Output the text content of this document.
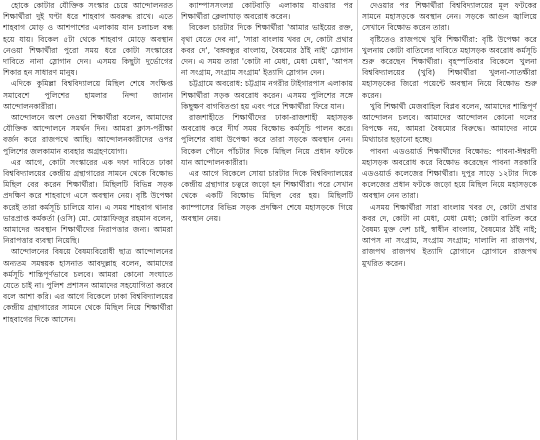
হোকে কোটার যৌক্তিক সংস্কার চেয়ে আন্দোলনরত শিক্ষার্থীরা দুই ঘণ্টা ধরে শাহবাগ অবরুদ্ধ রাখে। এতে শাহবাগ মোড় ও আশপাশের এলাকায় যান চলাচল বন্ধ হয়ে যায়। বিকেল ৫টা থেকে শাহবাগ মোড়ে অবস্থান নেওয়া শিক্ষার্থীরা পুরো সময় ধরে কোটা সংস্কারের দাবিতে নানা স্লোগান দেন। এসময় কিছুটা দুর্ভোগের শিকার হন সাধারণ মানুষ।

এদিকে কুমিল্লা বিশ্ববিদ্যালয়ে মিছিল শেষে সংক্ষিপ্ত সমাবেশে পুলিশের হামলার নিন্দা জানান আন্দোলনকারীরা।

আন্দোলনে অংশ নেওয়া শিক্ষার্থীরা বলেন, আমাদের যৌক্তিক আন্দোলনে সমর্থন দিন। আমরা ক্লাস-পরীক্ষা বর্জন করে রাজপথে আছি। আন্দোলনকারীদের ওপর পুলিশের জলকামান ব্যবহার অগ্রহণযোগ্য।

এর আগে, কোটা সংস্কারের এক দফা দাবিতে ঢাকা বিশ্ববিদ্যালয়ের কেন্দ্রীয় গ্রন্থাগারের সামনে থেকে বিক্ষোভ মিছিল বের করেন শিক্ষার্থীরা। মিছিলটি বিভিন্ন সড়ক প্রদক্ষিণ করে শাহবাগে এসে অবস্থান নেয়। বৃষ্টি উপেক্ষা করেই তারা কর্মসূচি চালিয়ে যান। এ সময় শাহবাগ থানার ভারপ্রাপ্ত কর্মকর্তা (ওসি) মো. মোস্তাফিজুর রহমান বলেন, আমাদের অবস্থান শিক্ষার্থীদের নিরাপত্তার জন্য। আমরা নিরাপত্তার ব্যবস্থা নিয়েছি।

আন্দোলনের বিষয়ে বৈষম্যবিরোধী ছাত্র আন্দোলনের অন্যতম সমন্বয়ক হাসনাত আবদুল্লাহ বলেন, আমাদের কর্মসূচি শান্তিপূর্ণভাবে চলবে। আমরা কোনো সংঘাতে যেতে চাই না। পুলিশ প্রশাসন আমাদের সহযোগিতা করবে বলে আশা করি। এর আগে বিকেলে ঢাকা বিশ্ববিদ্যালয়ের কেন্দ্রীয় গ্রন্থাগারের সামনে থেকে মিছিল নিয়ে শিক্ষার্থীরা শাহবাগের দিকে আসেন।

ক্যাম্পাসসংলগ্ন কোটবাড়ি এলাকায় যাওয়ার পর শিক্ষার্থীরা ক্লেলাঘাড় অবরোধ করেন।

বিকেল চারটার দিকে শিক্ষার্থীরা 'আমার ভাইয়ের রক্ত, বৃথা যেতে দেব না', 'সারা বাংলায় খবর দে, কোটা প্রথার কবর দে', 'বঙ্গবন্ধুর বাংলায়, বৈষম্যের ঠাঁই নাই' স্লোগান দেন। এ সময় তারা 'কোটা না মেধা, মেধা মেধা', 'আপস না সংগ্রাম, সংগ্রাম সংগ্রাম' ইত্যাদি স্লোগান দেন।

চট্টগ্রামে অবরোধ: চট্টগ্রাম নগরীর টাইগারপাস এলাকায় শিক্ষার্থীরা সড়ক অবরোধ করেন। এসময় পুলিশের সঙ্গে কিছুক্ষণ বাগবিতণ্ডা হয় এবং পরে শিক্ষার্থীরা ফিরে যান।

রাজশাহীতে শিক্ষার্থীদের ঢাকা-রাজশাহী মহাসড়ক অবরোধ করে দীর্ঘ সময় বিক্ষোভ কর্মসূচি পালন করে। পুলিশের বাধা উপেক্ষা করে তারা সড়কে অবস্থান নেন। বিকেল পৌনে পাঁচটার দিকে মিছিল নিয়ে প্রধান ফটকে যান আন্দোলনকারীরা।

এর আগে বিকেলে সোয়া চারটার দিকে বিশ্ববিদ্যালয়ের কেন্দ্রীয় গ্রন্থাগার চত্বরে জড়ো হন শিক্ষার্থীরা। পরে সেখান থেকে একটি বিক্ষোভ মিছিল বের হয়। মিছিলটি ক্যাম্পাসের বিভিন্ন সড়ক প্রদক্ষিণ শেষে মহাসড়কে গিয়ে অবস্থান নেয়।

দেওয়ার পর শিক্ষার্থীরা বিশ্ববিদ্যালয়ের মূল ফটকের সামনে মহাসড়কে অবস্থান নেন। সড়কে আগুন জ্বালিয়ে সেখানে বিক্ষোভ করেন তারা।

বৃষ্টিতেও রাজপথে খুবি শিক্ষার্থীরা: বৃষ্টি উপেক্ষা করে খুলনায় কোটা বাতিলের দাবিতে মহাসড়ক অবরোধ কর্মসূচি শুরু করেছেন শিক্ষার্থীরা। বৃহস্পতিবার বিকেলে খুলনা বিশ্ববিদ্যালয়ের (খুবি) শিক্ষার্থীরা খুলনা-সাতক্ষীরা মহাসড়কের জিরো পয়েন্টে অবস্থান নিয়ে বিক্ষোভ শুরু করেন।

খুবি শিক্ষার্থী মেজবাহিল বিপ্লব বলেন, আমাদের শান্তিপূর্ণ আন্দোলন চলবে। আমাদের আন্দোলন কোনো দলের বিপক্ষে নয়, আমরা বৈষম্যের বিরুদ্ধে। আমাদের নামে মিথ্যাচার ছড়ানো হচ্ছে।

পাবনা এডওয়ার্ড শিক্ষার্থীদের বিক্ষোভ: পাবনা-ঈশ্বরদী মহাসড়ক অবরোধ করে বিক্ষোভ করেছেন পাবনা সরকারি এডওয়ার্ড কলেজের শিক্ষার্থীরা। দুপুর সাড়ে ১২টার দিকে কলেজের প্রধান ফটকে জড়ো হয়ে মিছিল নিয়ে মহাসড়কে অবস্থান নেন তারা।

এসময় শিক্ষার্থীরা সারা বাংলায় খবর দে, কোটা প্রথার কবর দে, কোটা না মেধা, মেধা মেধা; কোটা বাতিল করে বৈষম্য মুক্ত দেশ চাই, স্বাধীন বাংলায়, বৈষম্যের ঠাঁই নাই; আপস না সংগ্রাম, সংগ্রাম সংগ্রাম; দালালি না রাজপথ, রাজপথ রাজপথ ইত্যাদি স্লোগানে স্লোগানে রাজপথ মুখরিত করেন।
